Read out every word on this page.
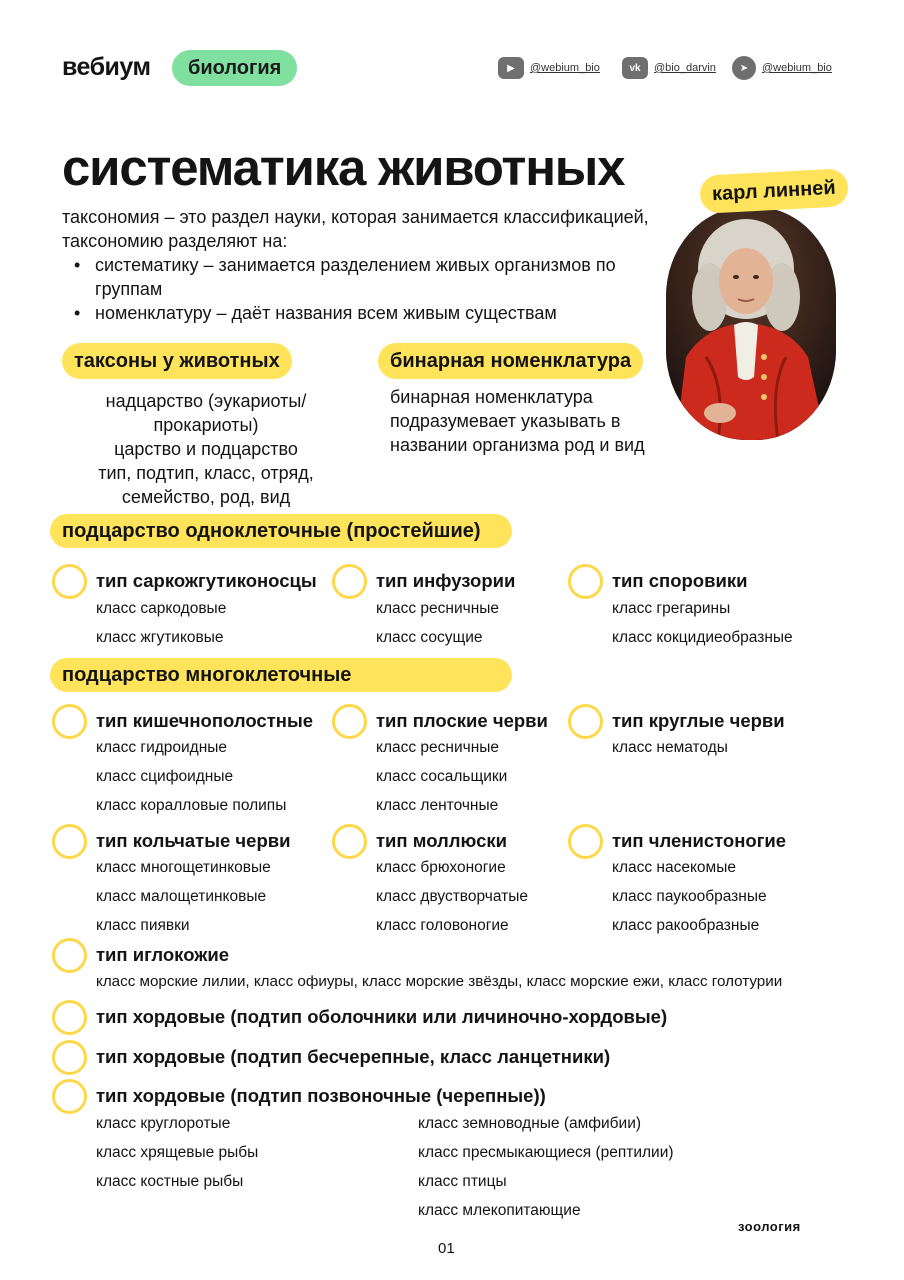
вебиум	биология	▶	@webium_bio	vk	@bio_darvin	➤	@webium_bio
систематика животных
таксономия – это раздел науки, которая занимается классификацией, таксономию разделяют на:
• систематику – занимается разделением живых организмов по группам
• номенклатуру – даёт названия всем живым существам
карл линней
таксоны у животных	бинарная номенклатура
надцарство (эукариоты/
прокариоты)
царство и подцарство
тип, подтип, класс, отряд,
семейство, род, вид
бинарная номенклатура
подразумевает указывать в
названии организма род и вид
подцарство одноклеточные (простейшие)
тип саркожгутиконосцы
класс саркодовые
класс жгутиковые
тип инфузории
класс ресничные
класс сосущие
тип споровики
класс грегарины
класс кокцидиеобразные
подцарство многоклеточные
тип кишечнополостные
класс гидроидные
класс сцифоидные
класс коралловые полипы
тип плоские черви
класс ресничные
класс сосальщики
класс ленточные
тип круглые черви
класс нематоды
тип кольчатые черви
класс многощетинковые
класс малощетинковые
класс пиявки
тип моллюски
класс брюхоногие
класс двустворчатые
класс головоногие
тип членистоногие
класс насекомые
класс паукообразные
класс ракообразные
тип иглокожие
класс морские лилии, класс офиуры, класс морские звёзды, класс морские ежи, класс голотурии
тип хордовые (подтип оболочники или личиночно-хордовые)
тип хордовые (подтип бесчерепные, класс ланцетники)
тип хордовые (подтип позвоночные (черепные))
класс круглоротые
класс хрящевые рыбы
класс костные рыбы
класс земноводные (амфибии)
класс пресмыкающиеся (рептилии)
класс птицы
класс млекопитающие
зоология
01
